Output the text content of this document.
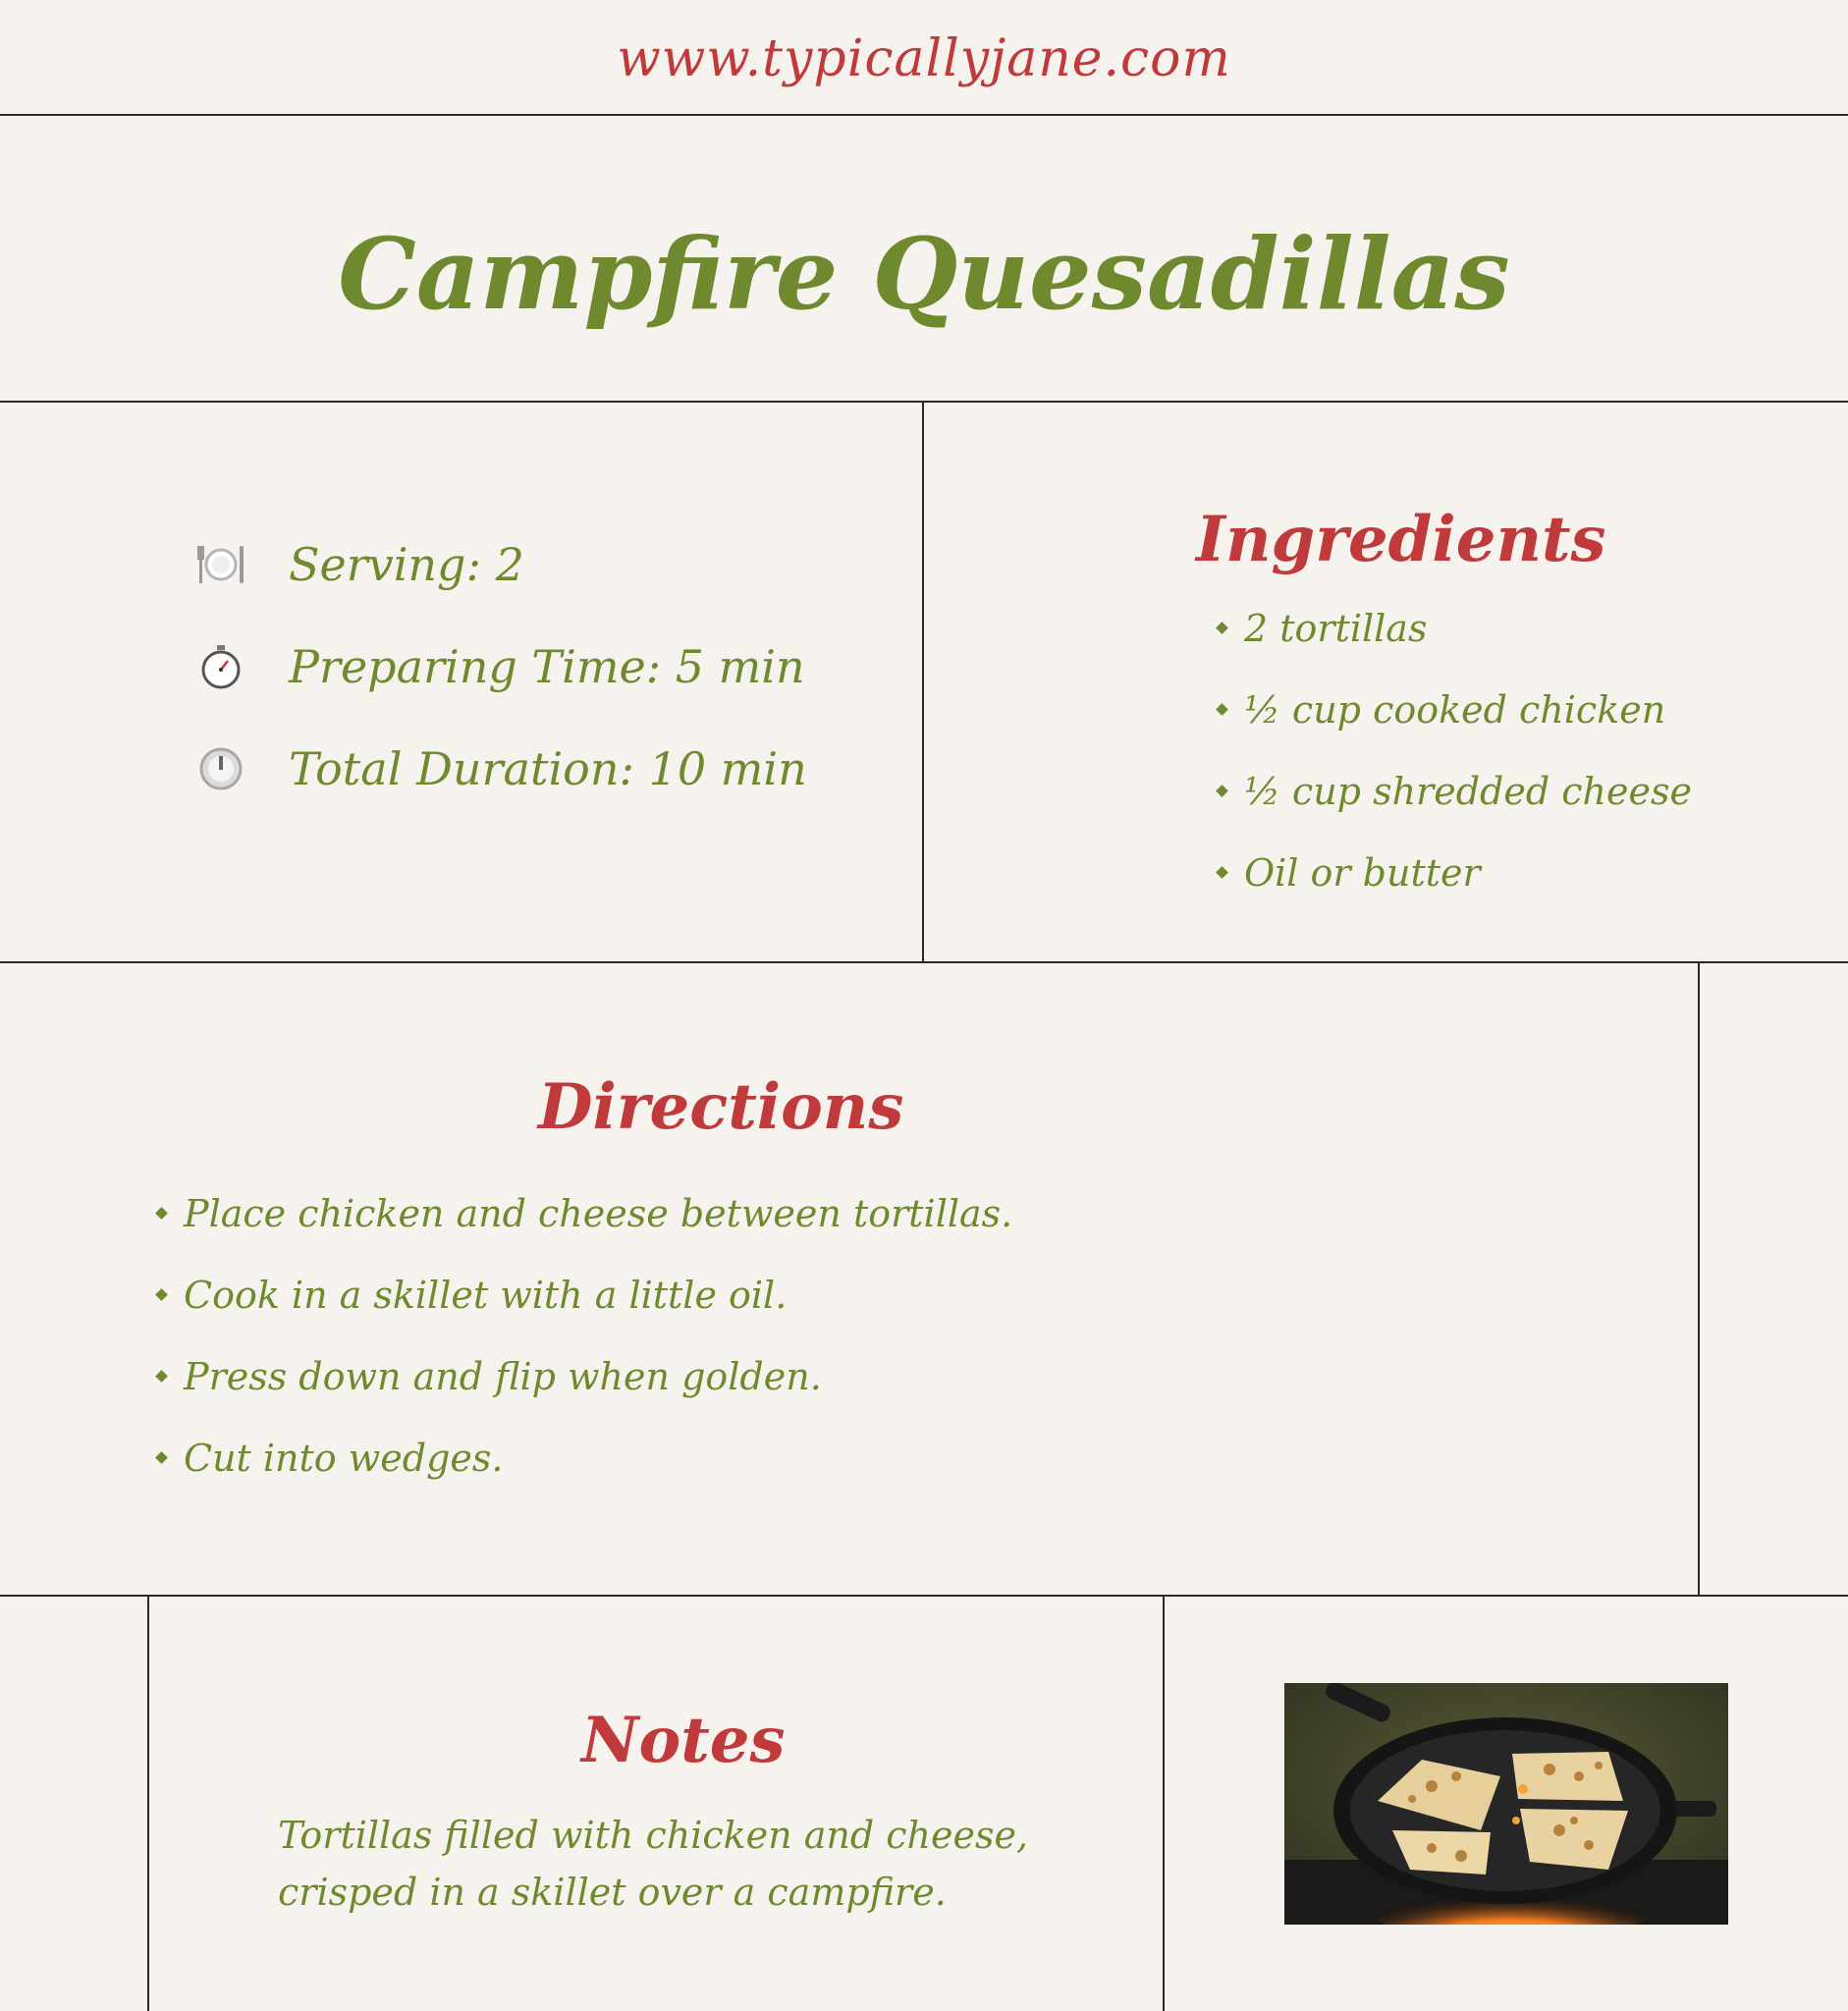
www.typicallyjane.com
Campfire Quesadillas
Serving: 2
Preparing Time: 5 min
Total Duration: 10 min
Ingredients
2 tortillas
½ cup cooked chicken
½ cup shredded cheese
Oil or butter
Directions
Place chicken and cheese between tortillas.
Cook in a skillet with a little oil.
Press down and flip when golden.
Cut into wedges.
Notes
Tortillas filled with chicken and cheese, crisped in a skillet over a campfire.
